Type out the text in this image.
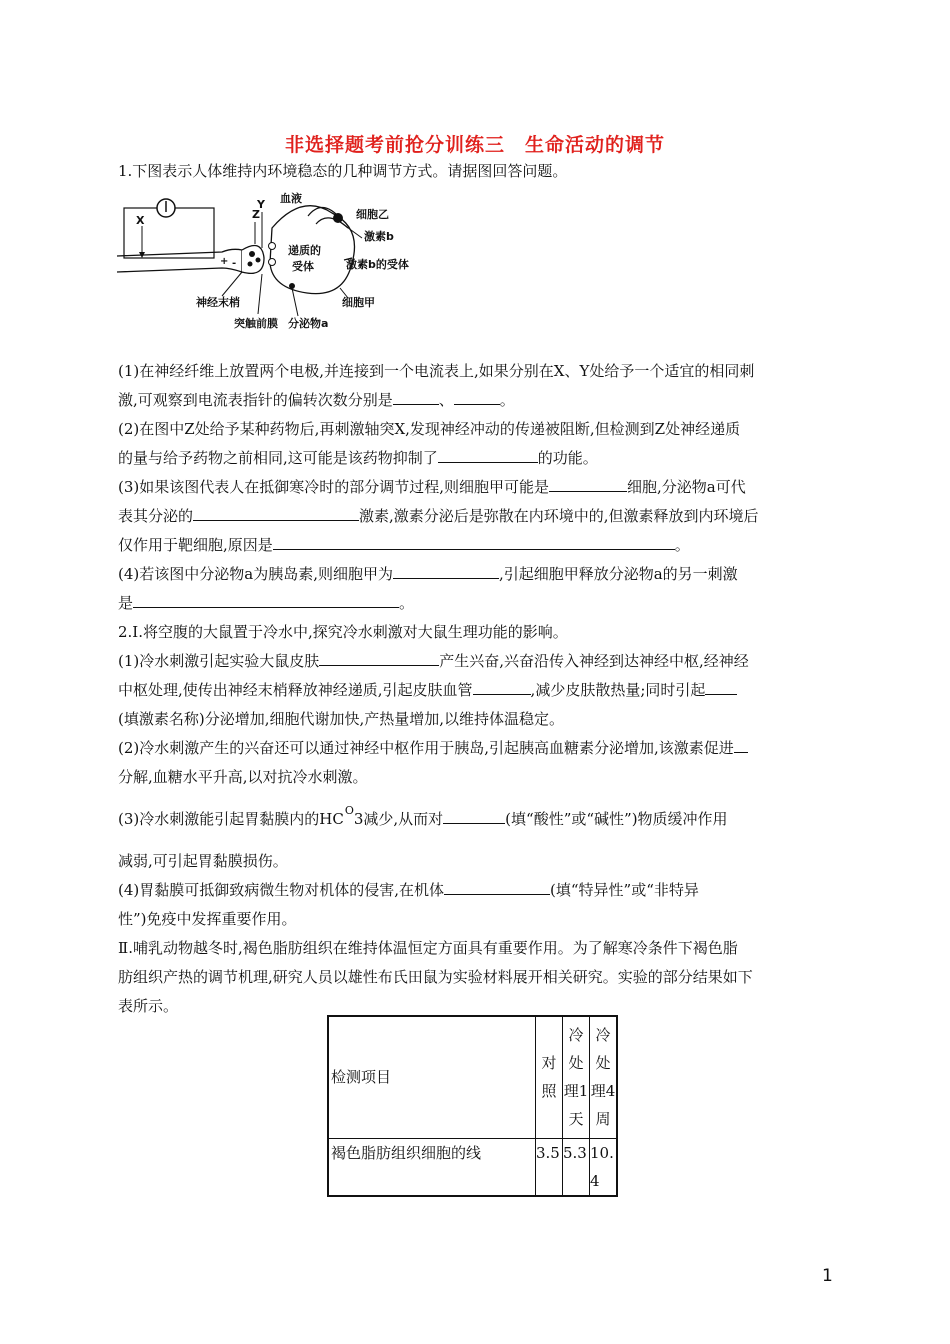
非选择题考前抢分训练三　生命活动的调节
1.下图表示人体维持内环境稳态的几种调节方式。请据图回答问题。
X
+ -
Y
Z
递质的
受体
血液
细胞乙
激素b
激素b的受体
细胞甲
分泌物a
神经末梢
突触前膜
(1)在神经纤维上放置两个电极,并连接到一个电流表上,如果分别在X、Y处给予一个适宜的相同刺
激,可观察到电流表指针的偏转次数分别是	、	。
(2)在图中Z处给予某种药物后,再刺激轴突X,发现神经冲动的传递被阻断,但检测到Z处神经递质
的量与给予药物之前相同,这可能是该药物抑制了	的功能。
(3)如果该图代表人在抵御寒冷时的部分调节过程,则细胞甲可能是	细胞,分泌物a可代
表其分泌的	激素,激素分泌后是弥散在内环境中的,但激素释放到内环境后
仅作用于靶细胞,原因是	。
(4)若该图中分泌物a为胰岛素,则细胞甲为	,引起细胞甲释放分泌物a的另一刺激
是	。
2.Ⅰ.将空腹的大鼠置于冷水中,探究冷水刺激对大鼠生理功能的影响。
(1)冷水刺激引起实验大鼠皮肤	产生兴奋,兴奋沿传入神经到达神经中枢,经神经
中枢处理,使传出神经末梢释放神经递质,引起皮肤血管	,减少皮肤散热量;同时引起
(填激素名称)分泌增加,细胞代谢加快,产热量增加,以维持体温稳定。
(2)冷水刺激产生的兴奋还可以通过神经中枢作用于胰岛,引起胰高血糖素分泌增加,该激素促进
分解,血糖水平升高,以对抗冷水刺激。
(3)冷水刺激能引起胃黏膜内的$HC^O3$减少,从而对	(填“酸性”或“碱性”)物质缓冲作用
减弱,可引起胃黏膜损伤。
(4)胃黏膜可抵御致病微生物对机体的侵害,在机体	(填“特异性”或“非特异
性”)免疫中发挥重要作用。
Ⅱ.哺乳动物越冬时,褐色脂肪组织在维持体温恒定方面具有重要作用。为了解寒冷条件下褐色脂
肪组织产热的调节机理,研究人员以雄性布氏田鼠为实验材料展开相关研究。实验的部分结果如下
表所示。
检测项目	对照	冷处理1天	冷处理4周
褐色脂肪组织细胞的线	3.5	5.3	10.4
1
